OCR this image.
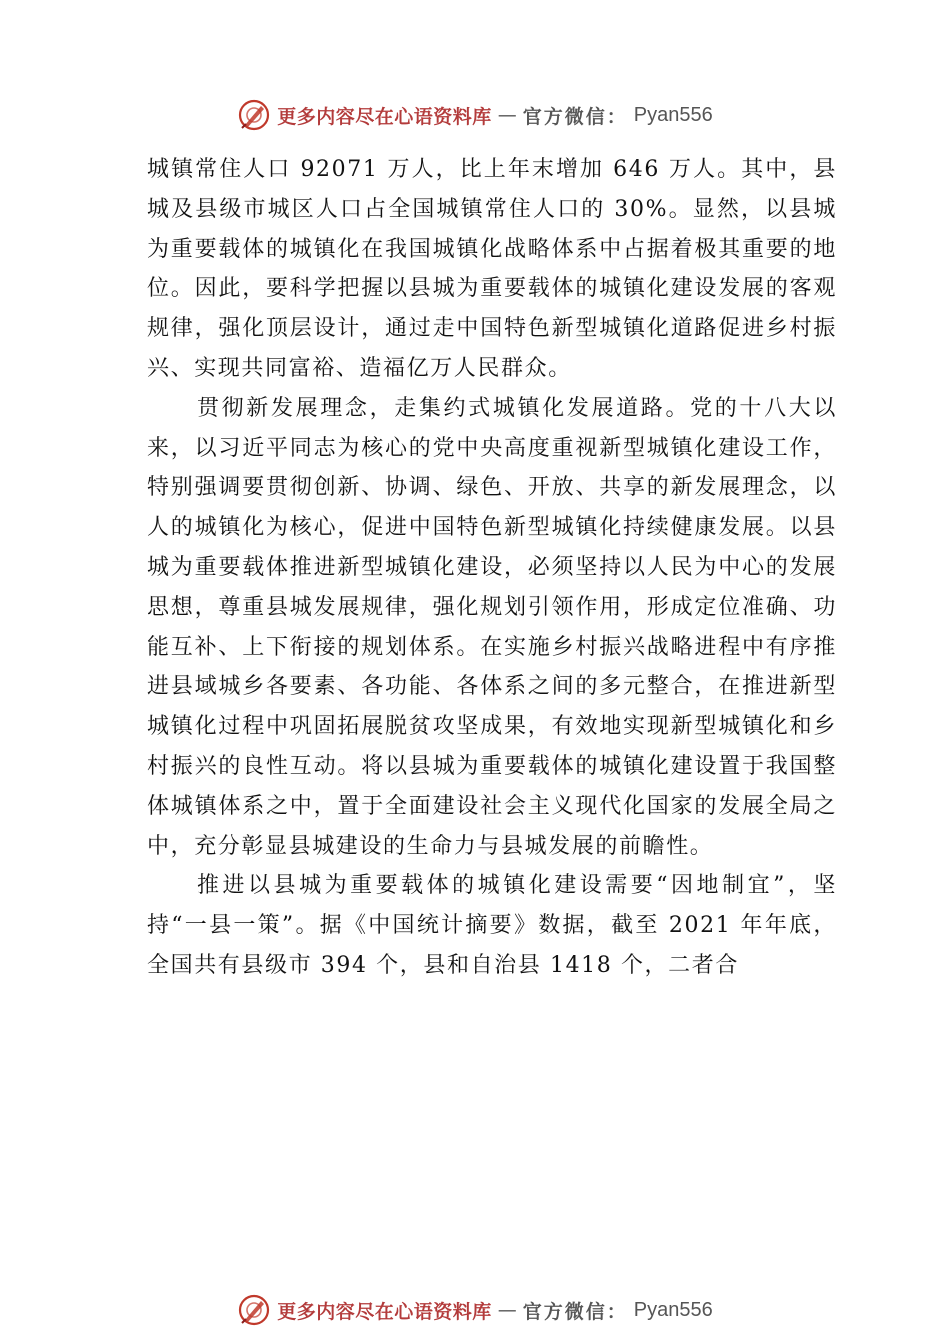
更多内容尽在心语资料库 — 官方微信： Pyan556

城镇常住人口 92071 万人，比上年末增加 646 万人。其中，县城及县级市城区人口占全国城镇常住人口的 30%。显然，以县城为重要载体的城镇化在我国城镇化战略体系中占据着极其重要的地位。因此，要科学把握以县城为重要载体的城镇化建设发展的客观规律，强化顶层设计，通过走中国特色新型城镇化道路促进乡村振兴、实现共同富裕、造福亿万人民群众。

贯彻新发展理念，走集约式城镇化发展道路。党的十八大以来，以习近平同志为核心的党中央高度重视新型城镇化建设工作，特别强调要贯彻创新、协调、绿色、开放、共享的新发展理念，以人的城镇化为核心，促进中国特色新型城镇化持续健康发展。以县城为重要载体推进新型城镇化建设，必须坚持以人民为中心的发展思想，尊重县城发展规律，强化规划引领作用，形成定位准确、功能互补、上下衔接的规划体系。在实施乡村振兴战略进程中有序推进县域城乡各要素、各功能、各体系之间的多元整合，在推进新型城镇化过程中巩固拓展脱贫攻坚成果，有效地实现新型城镇化和乡村振兴的良性互动。将以县城为重要载体的城镇化建设置于我国整体城镇体系之中，置于全面建设社会主义现代化国家的发展全局之中，充分彰显县城建设的生命力与县城发展的前瞻性。

推进以县城为重要载体的城镇化建设需要“因地制宜”，坚持“一县一策”。据《中国统计摘要》数据，截至 2021 年年底，全国共有县级市 394 个，县和自治县 1418 个，二者合

更多内容尽在心语资料库 — 官方微信： Pyan556
